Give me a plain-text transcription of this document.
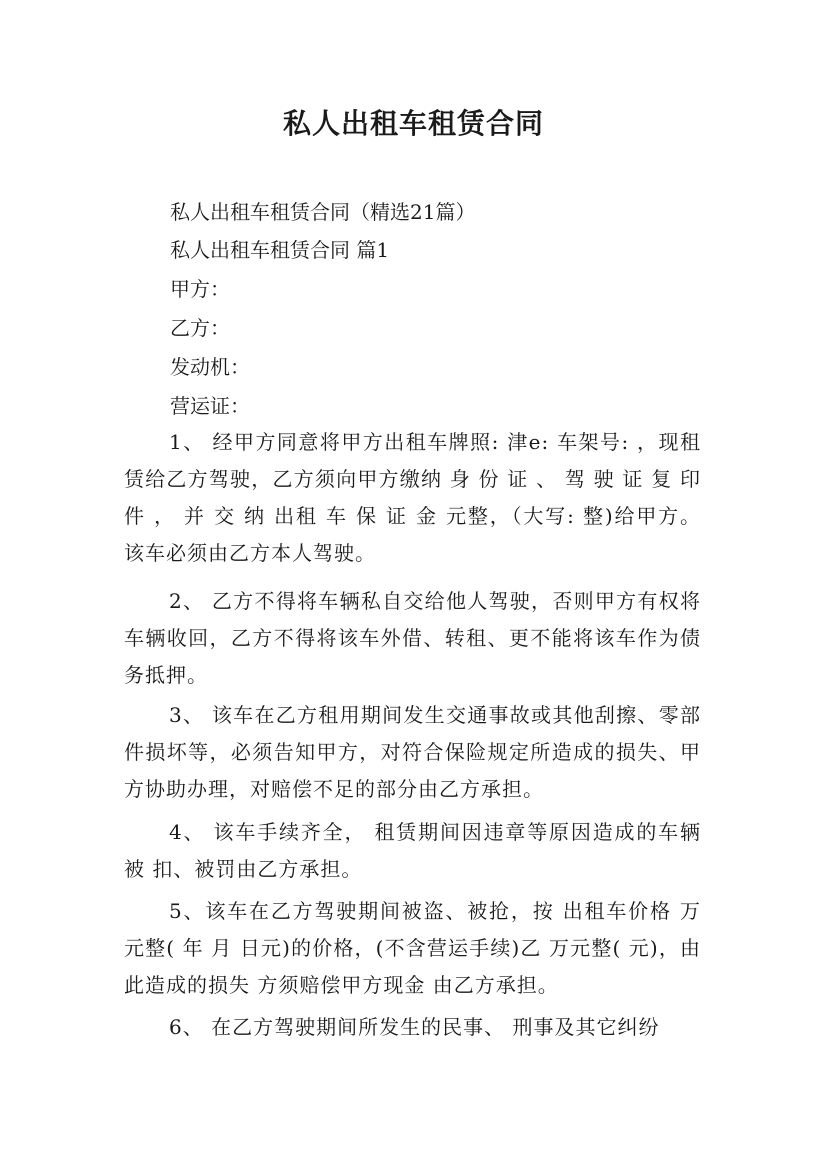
私人出租车租赁合同
私人出租车租赁合同（精选21篇）
私人出租车租赁合同 篇1
甲方：
乙方：
发动机：
营运证：

1、 经甲方同意将甲方出租车牌照: 津e: 车架号: ，现租赁给乙方驾驶，乙方须向甲方缴纳 身 份 证 、 驾 驶 证 复 印 件 ， 并 交 纳 出租 车 保 证 金 元整，（大写: 整)给甲方。 该车必须由乙方本人驾驶。

2、 乙方不得将车辆私自交给他人驾驶，否则甲方有权将车辆收回，乙方不得将该车外借、转租、更不能将该车作为债务抵押。

3、 该车在乙方租用期间发生交通事故或其他刮擦、零部 件损坏等，必须告知甲方，对符合保险规定所造成的损失、甲方协助办理，对赔偿不足的部分由乙方承担。

4、 该车手续齐全， 租赁期间因违章等原因造成的车辆被 扣、被罚由乙方承担。

5、该车在乙方驾驶期间被盗、被抢，按 出租车价格 万元整( 年 月 日元)的价格，(不含营运手续)乙 万元整( 元)，由此造成的损失 方须赔偿甲方现金 由乙方承担。

6、 在乙方驾驶期间所发生的民事、 刑事及其它纠纷
